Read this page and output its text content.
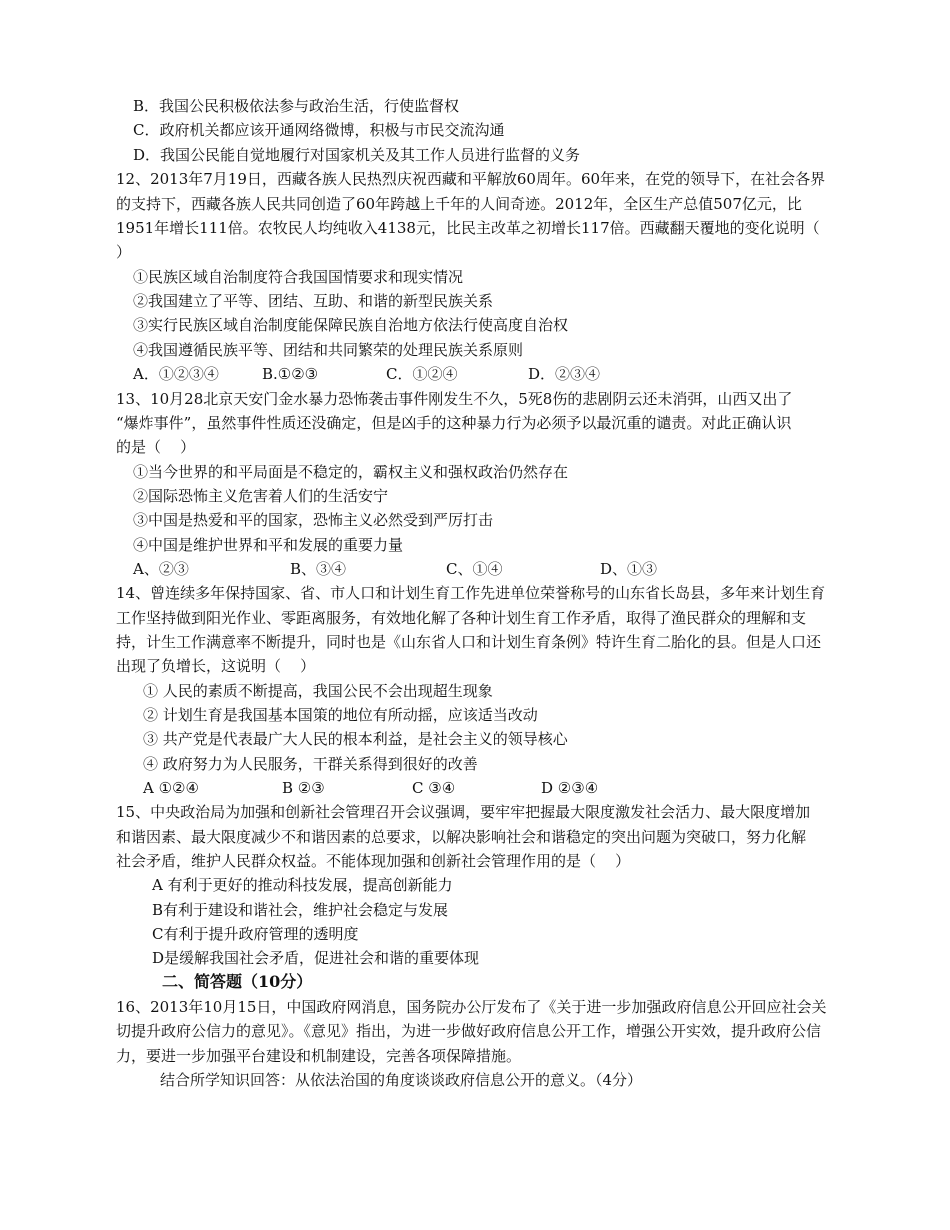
B．我国公民积极依法参与政治生活，行使监督权
C．政府机关都应该开通网络微博，积极与市民交流沟通
D．我国公民能自觉地履行对国家机关及其工作人员进行监督的义务
12、2013年7月19日，西藏各族人民热烈庆祝西藏和平解放60周年。60年来，在党的领导下，在社会各界
的支持下，西藏各族人民共同创造了60年跨越上千年的人间奇迹。2012年，全区生产总值507亿元，比
1951年增长111倍。农牧民人均纯收入4138元，比民主改革之初增长117倍。西藏翻天覆地的变化说明（
）
①民族区域自治制度符合我国国情要求和现实情况
②我国建立了平等、团结、互助、和谐的新型民族关系
③实行民族区域自治制度能保障民族自治地方依法行使高度自治权
④我国遵循民族平等、团结和共同繁荣的处理民族关系原则
A．①②③④	B.①②③	C．①②④	D．②③④
13、10月28北京天安门金水暴力恐怖袭击事件刚发生不久，5死8伤的悲剧阴云还未消弭，山西又出了
“爆炸事件”，虽然事件性质还没确定，但是凶手的这种暴力行为必须予以最沉重的谴责。对此正确认识
的是（    ）
①当今世界的和平局面是不稳定的，霸权主义和强权政治仍然存在
②国际恐怖主义危害着人们的生活安宁
③中国是热爱和平的国家，恐怖主义必然受到严厉打击
④中国是维护世界和平和发展的重要力量
A、②③	B、③④	C、①④	D、①③
14、曾连续多年保持国家、省、市人口和计划生育工作先进单位荣誉称号的山东省长岛县，多年来计划生育
工作坚持做到阳光作业、零距离服务，有效地化解了各种计划生育工作矛盾，取得了渔民群众的理解和支
持，计生工作满意率不断提升，同时也是《山东省人口和计划生育条例》特许生育二胎化的县。但是人口还
出现了负增长，这说明（    ）
① 人民的素质不断提高，我国公民不会出现超生现象
② 计划生育是我国基本国策的地位有所动摇，应该适当改动
③ 共产党是代表最广大人民的根本利益，是社会主义的领导核心
④ 政府努力为人民服务，干群关系得到很好的改善
A ①②④	B ②③	C ③④	D ②③④
15、中央政治局为加强和创新社会管理召开会议强调，要牢牢把握最大限度激发社会活力、最大限度增加
和谐因素、最大限度减少不和谐因素的总要求，以解决影响社会和谐稳定的突出问题为突破口，努力化解
社会矛盾，维护人民群众权益。不能体现加强和创新社会管理作用的是（    ）
A 有利于更好的推动科技发展，提高创新能力
B有利于建设和谐社会，维护社会稳定与发展
C有利于提升政府管理的透明度
D是缓解我国社会矛盾，促进社会和谐的重要体现
二、简答题（10分）
16、2013年10月15日，中国政府网消息，国务院办公厅发布了《关于进一步加强政府信息公开回应社会关
切提升政府公信力的意见》。《意见》指出，为进一步做好政府信息公开工作，增强公开实效，提升政府公信
力，要进一步加强平台建设和机制建设，完善各项保障措施。
结合所学知识回答：从依法治国的角度谈谈政府信息公开的意义。（4分）
